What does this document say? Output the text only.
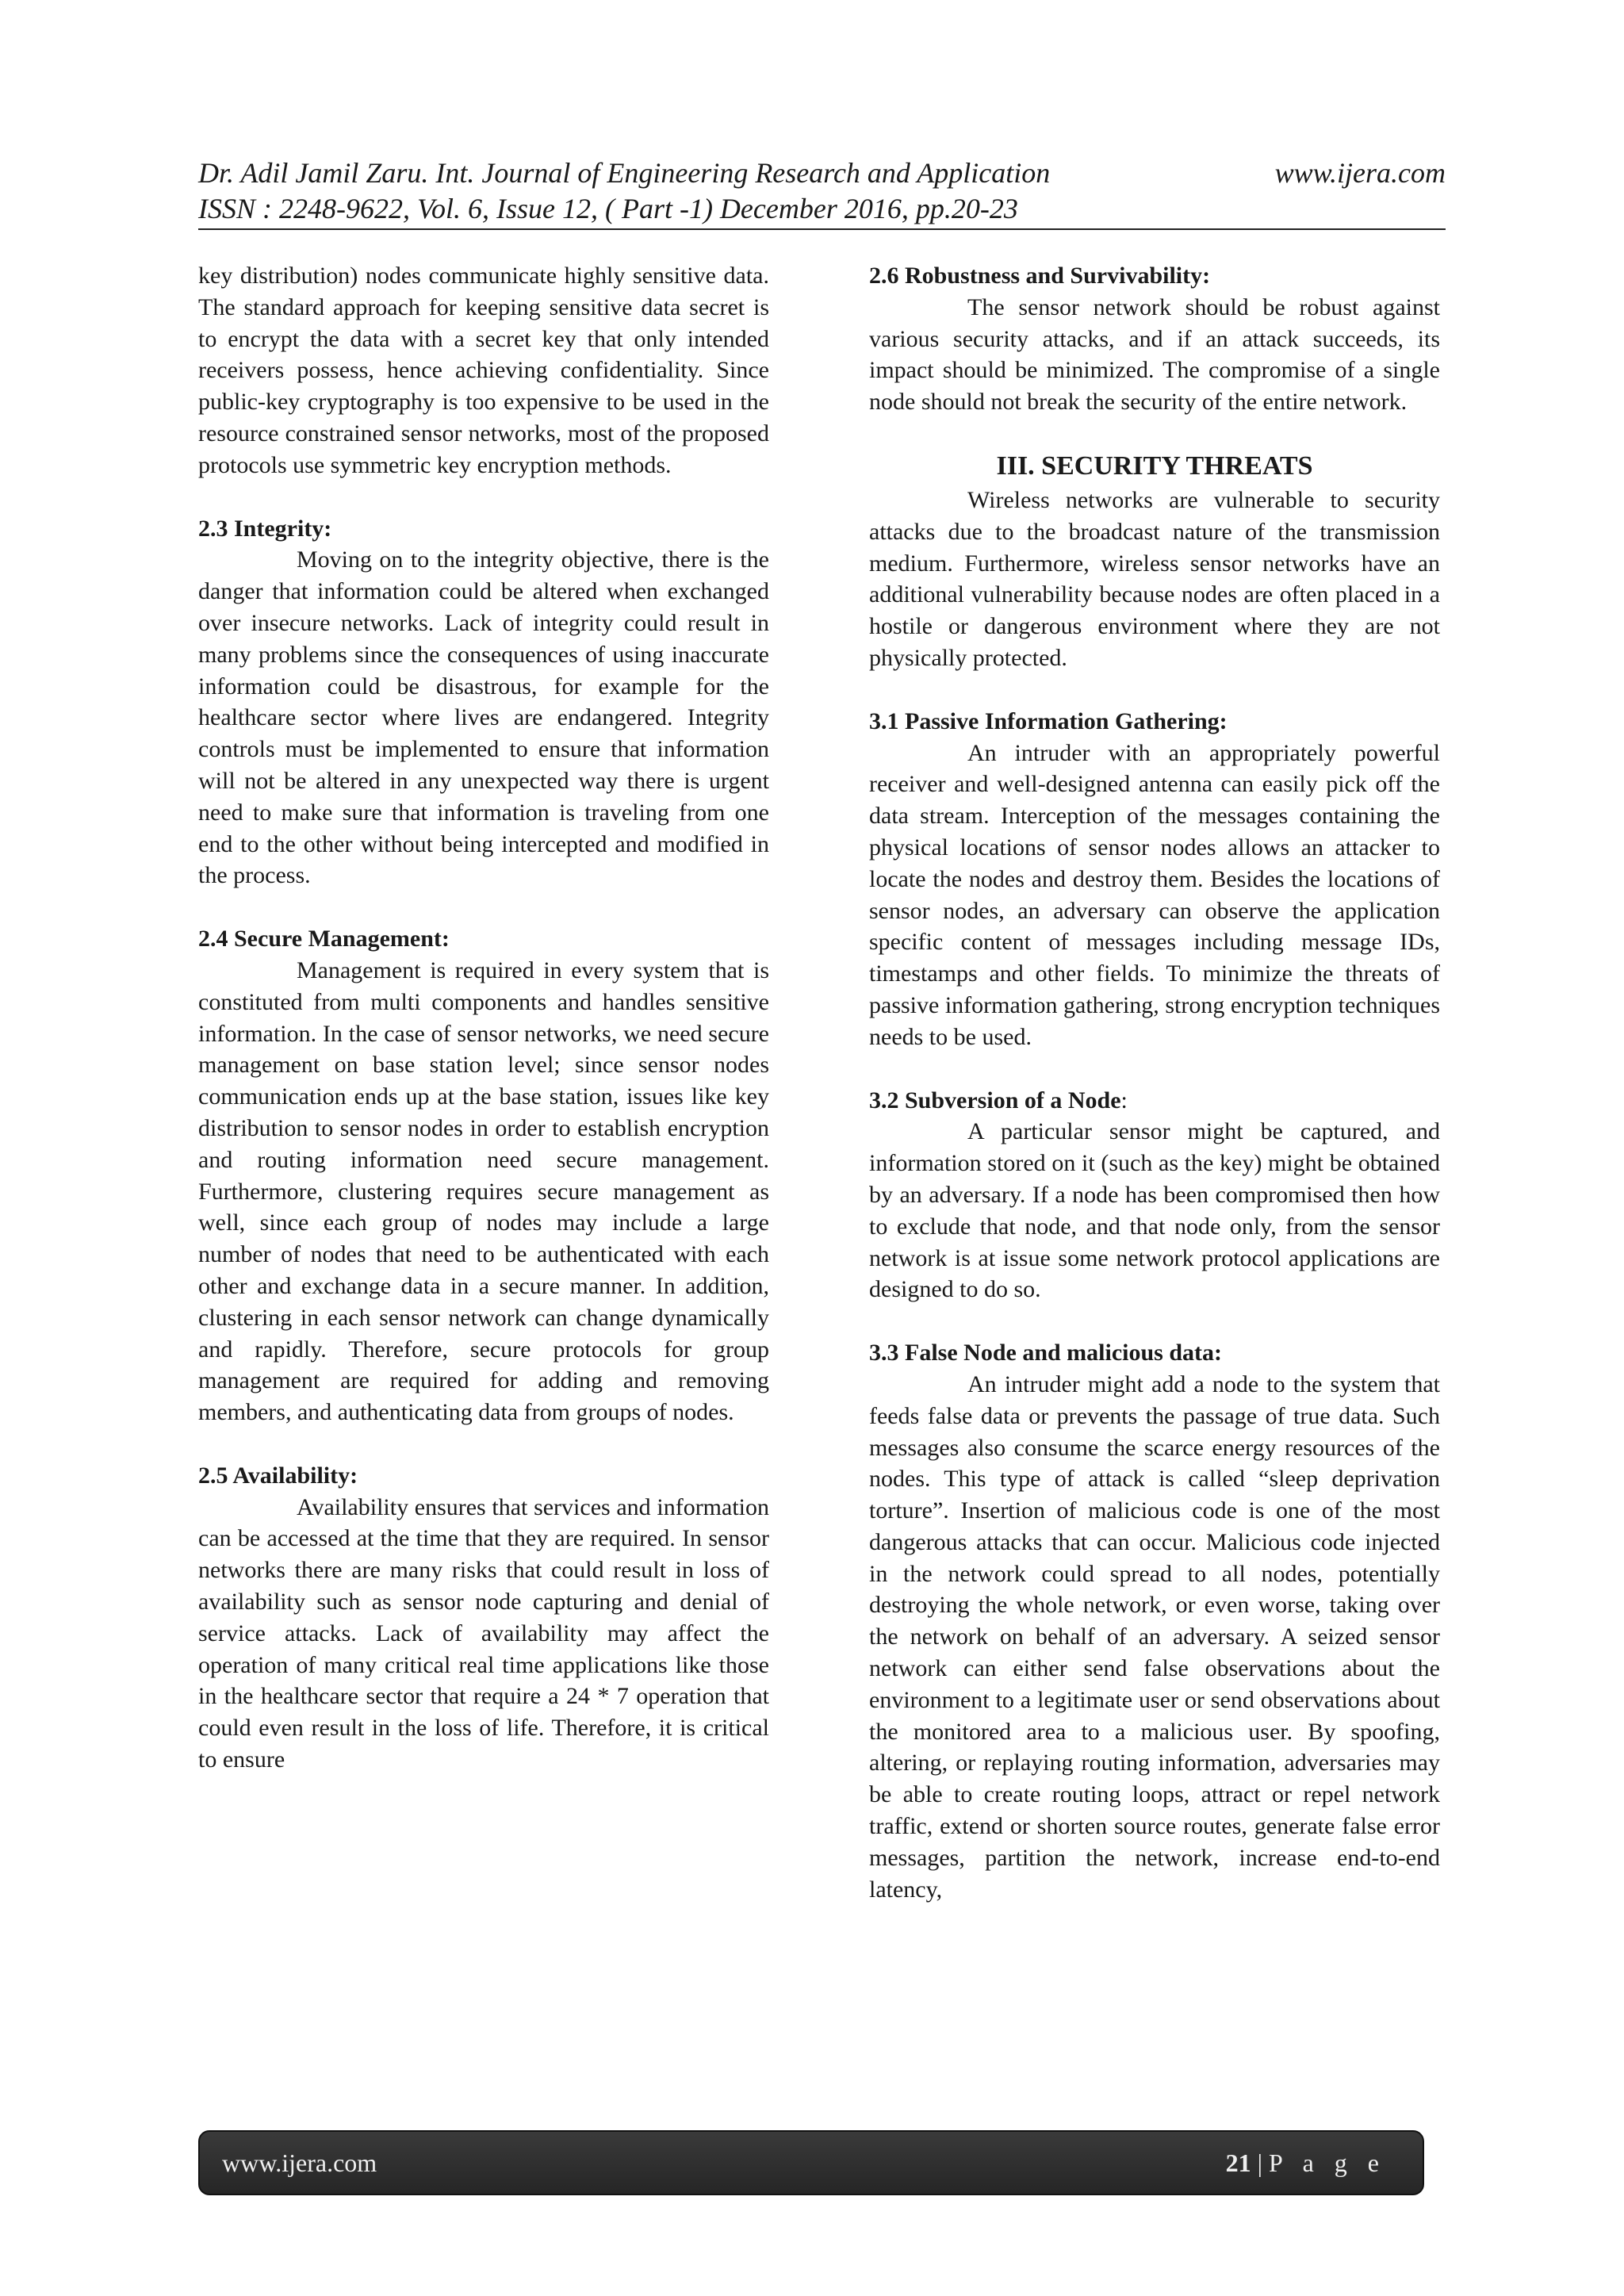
Dr. Adil Jamil Zaru. Int. Journal of Engineering Research and Application	www.ijera.com
ISSN : 2248-9622, Vol. 6, Issue 12, ( Part -1) December 2016, pp.20-23

key distribution) nodes communicate highly sensitive data. The standard approach for keeping sensitive data secret is to encrypt the data with a secret key that only intended receivers possess, hence achieving confidentiality. Since public-key cryptography is too expensive to be used in the resource constrained sensor networks, most of the proposed protocols use symmetric key encryption methods.

2.3 Integrity:

Moving on to the integrity objective, there is the danger that information could be altered when exchanged over insecure networks. Lack of integrity could result in many problems since the consequences of using inaccurate information could be disastrous, for example for the healthcare sector where lives are endangered. Integrity controls must be implemented to ensure that information will not be altered in any unexpected way there is urgent need to make sure that information is traveling from one end to the other without being intercepted and modified in the process.

2.4 Secure Management:

Management is required in every system that is constituted from multi components and handles sensitive information. In the case of sensor networks, we need secure management on base station level; since sensor nodes communication ends up at the base station, issues like key distribution to sensor nodes in order to establish encryption and routing information need secure management. Furthermore, clustering requires secure management as well, since each group of nodes may include a large number of nodes that need to be authenticated with each other and exchange data in a secure manner. In addition, clustering in each sensor network can change dynamically and rapidly. Therefore, secure protocols for group management are required for adding and removing members, and authenticating data from groups of nodes.

2.5 Availability:

Availability ensures that services and information can be accessed at the time that they are required. In sensor networks there are many risks that could result in loss of availability such as sensor node capturing and denial of service attacks. Lack of availability may affect the operation of many critical real time applications like those in the healthcare sector that require a 24 * 7 operation that could even result in the loss of life. Therefore, it is critical to ensure

2.6 Robustness and Survivability:

The sensor network should be robust against various security attacks, and if an attack succeeds, its impact should be minimized. The compromise of a single node should not break the security of the entire network.

III. SECURITY THREATS

Wireless networks are vulnerable to security attacks due to the broadcast nature of the transmission medium. Furthermore, wireless sensor networks have an additional vulnerability because nodes are often placed in a hostile or dangerous environment where they are not physically protected.

3.1 Passive Information Gathering:

An intruder with an appropriately powerful receiver and well-designed antenna can easily pick off the data stream. Interception of the messages containing the physical locations of sensor nodes allows an attacker to locate the nodes and destroy them. Besides the locations of sensor nodes, an adversary can observe the application specific content of messages including message IDs, timestamps and other fields. To minimize the threats of passive information gathering, strong encryption techniques needs to be used.

3.2 Subversion of a Node:

A particular sensor might be captured, and information stored on it (such as the key) might be obtained by an adversary. If a node has been compromised then how to exclude that node, and that node only, from the sensor network is at issue some network protocol applications are designed to do so.

3.3 False Node and malicious data:

An intruder might add a node to the system that feeds false data or prevents the passage of true data. Such messages also consume the scarce energy resources of the nodes. This type of attack is called “sleep deprivation torture”. Insertion of malicious code is one of the most dangerous attacks that can occur. Malicious code injected in the network could spread to all nodes, potentially destroying the whole network, or even worse, taking over the network on behalf of an adversary. A seized sensor network can either send false observations about the environment to a legitimate user or send observations about the monitored area to a malicious user. By spoofing, altering, or replaying routing information, adversaries may be able to create routing loops, attract or repel network traffic, extend or shorten source routes, generate false error messages, partition the network, increase end-to-end latency,

www.ijera.com	21 | P a g e
